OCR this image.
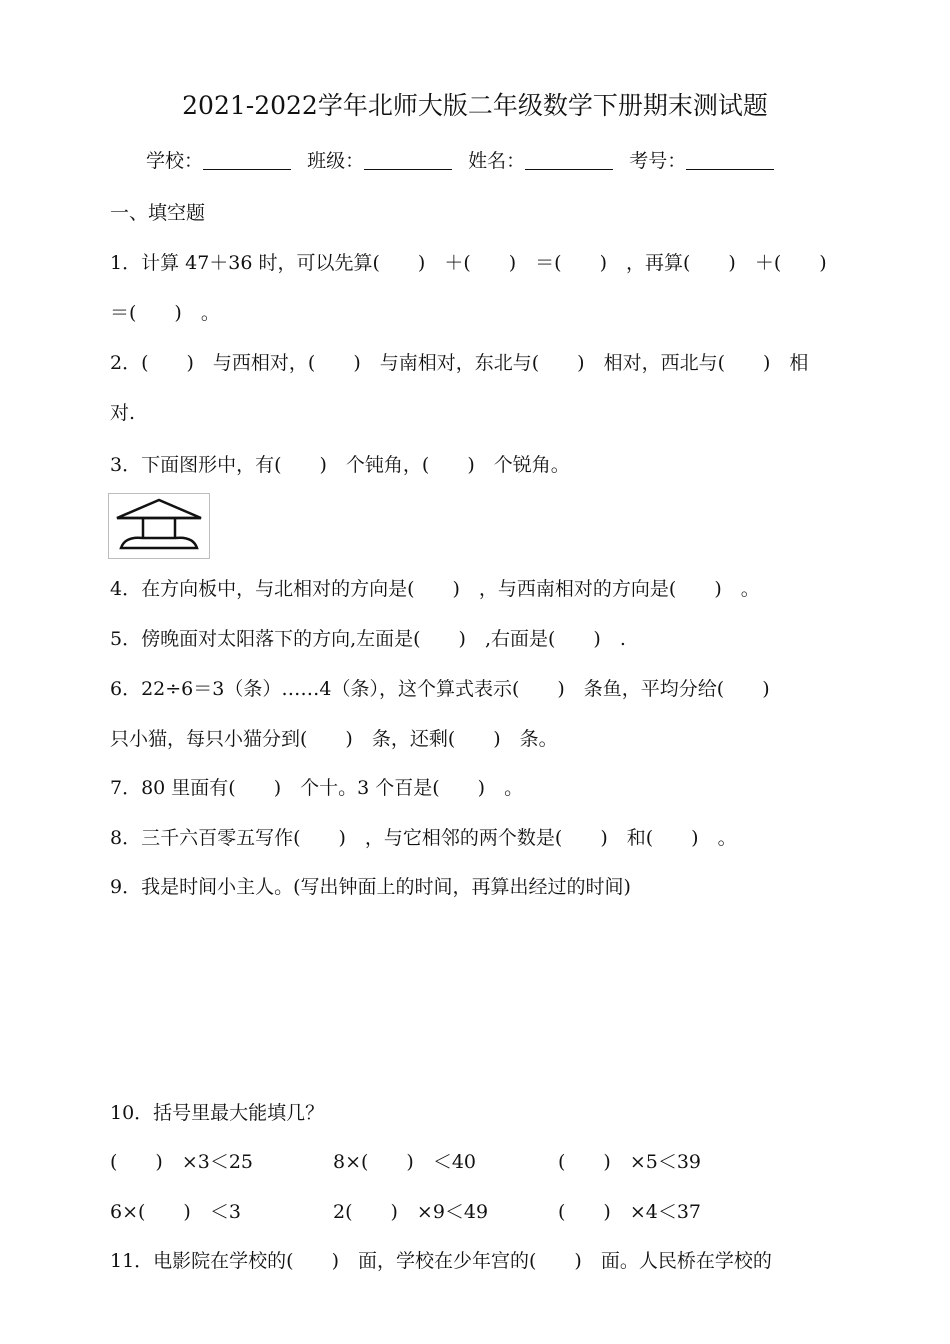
2021-2022学年北师大版二年级数学下册期末测试题
学校：	班级：	姓名：	考号：
一、填空题
1．计算 47＋36 时，可以先算(　　)　＋(　　)　＝(　　)　，再算(　　)　＋(　　)
＝(　　)　。
2．(　　)　与西相对，(　　)　与南相对，东北与(　　)　相对，西北与(　　)　相
对.
3．下面图形中，有(　　)　个钝角，(　　)　个锐角。
4．在方向板中，与北相对的方向是(　　)　，与西南相对的方向是(　　)　。
5．傍晚面对太阳落下的方向,左面是(　　)　,右面是(　　)　.
6．22÷6＝3（条）……4（条），这个算式表示(　　)　条鱼，平均分给(　　)
只小猫，每只小猫分到(　　)　条，还剩(　　)　条。
7．80 里面有(　　)　个十。3 个百是(　　)　。
8．三千六百零五写作(　　)　，与它相邻的两个数是(　　)　和(　　)　。
9．我是时间小主人。(写出钟面上的时间，再算出经过的时间)
10．括号里最大能填几？
(　　)　×3＜25	8×(　　)　＜40	(　　)　×5＜39
6×(　　)　＜3	2(　　)　×9＜49	(　　)　×4＜37
11．电影院在学校的(　　)　面，学校在少年宫的(　　)　面。人民桥在学校的
